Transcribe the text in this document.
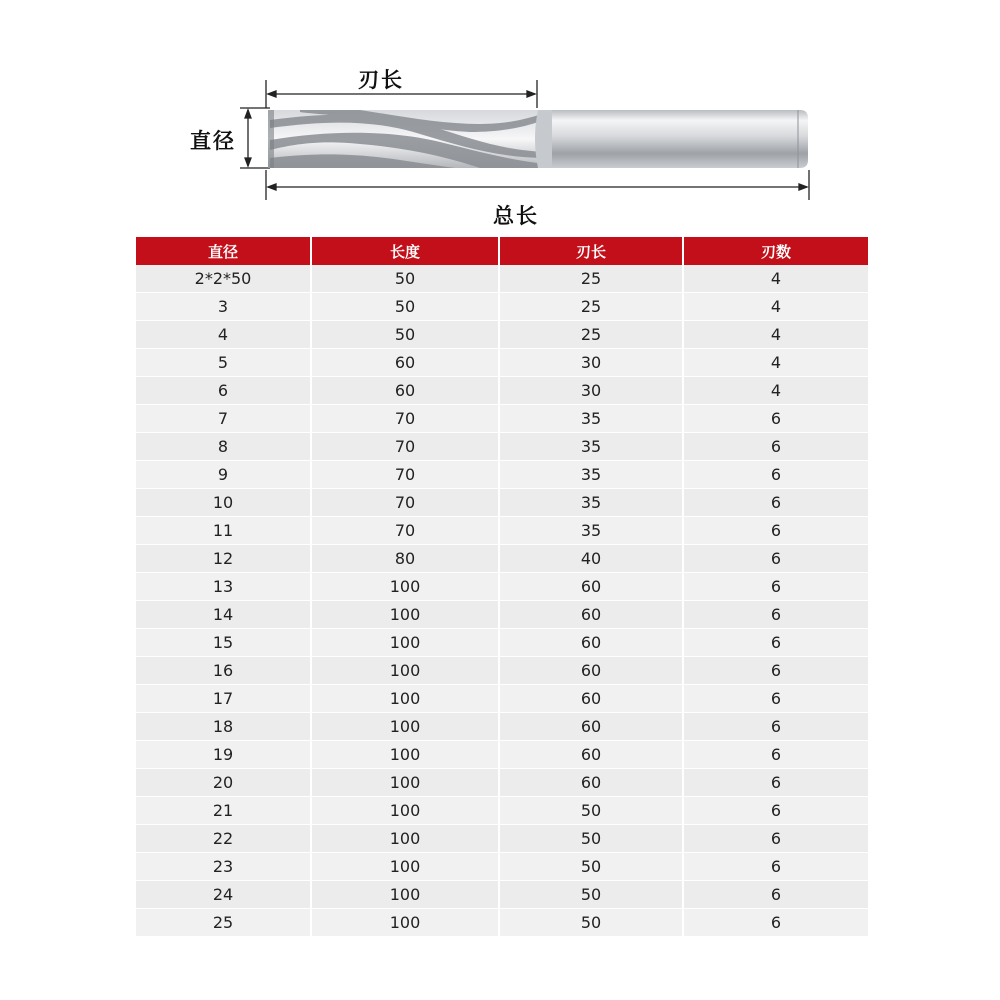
刃长
直径
总长
直径	长度	刃长	刃数
2*2*50	50	25	4
3	50	25	4
4	50	25	4
5	60	30	4
6	60	30	4
7	70	35	6
8	70	35	6
9	70	35	6
10	70	35	6
11	70	35	6
12	80	40	6
13	100	60	6
14	100	60	6
15	100	60	6
16	100	60	6
17	100	60	6
18	100	60	6
19	100	60	6
20	100	60	6
21	100	50	6
22	100	50	6
23	100	50	6
24	100	50	6
25	100	50	6
